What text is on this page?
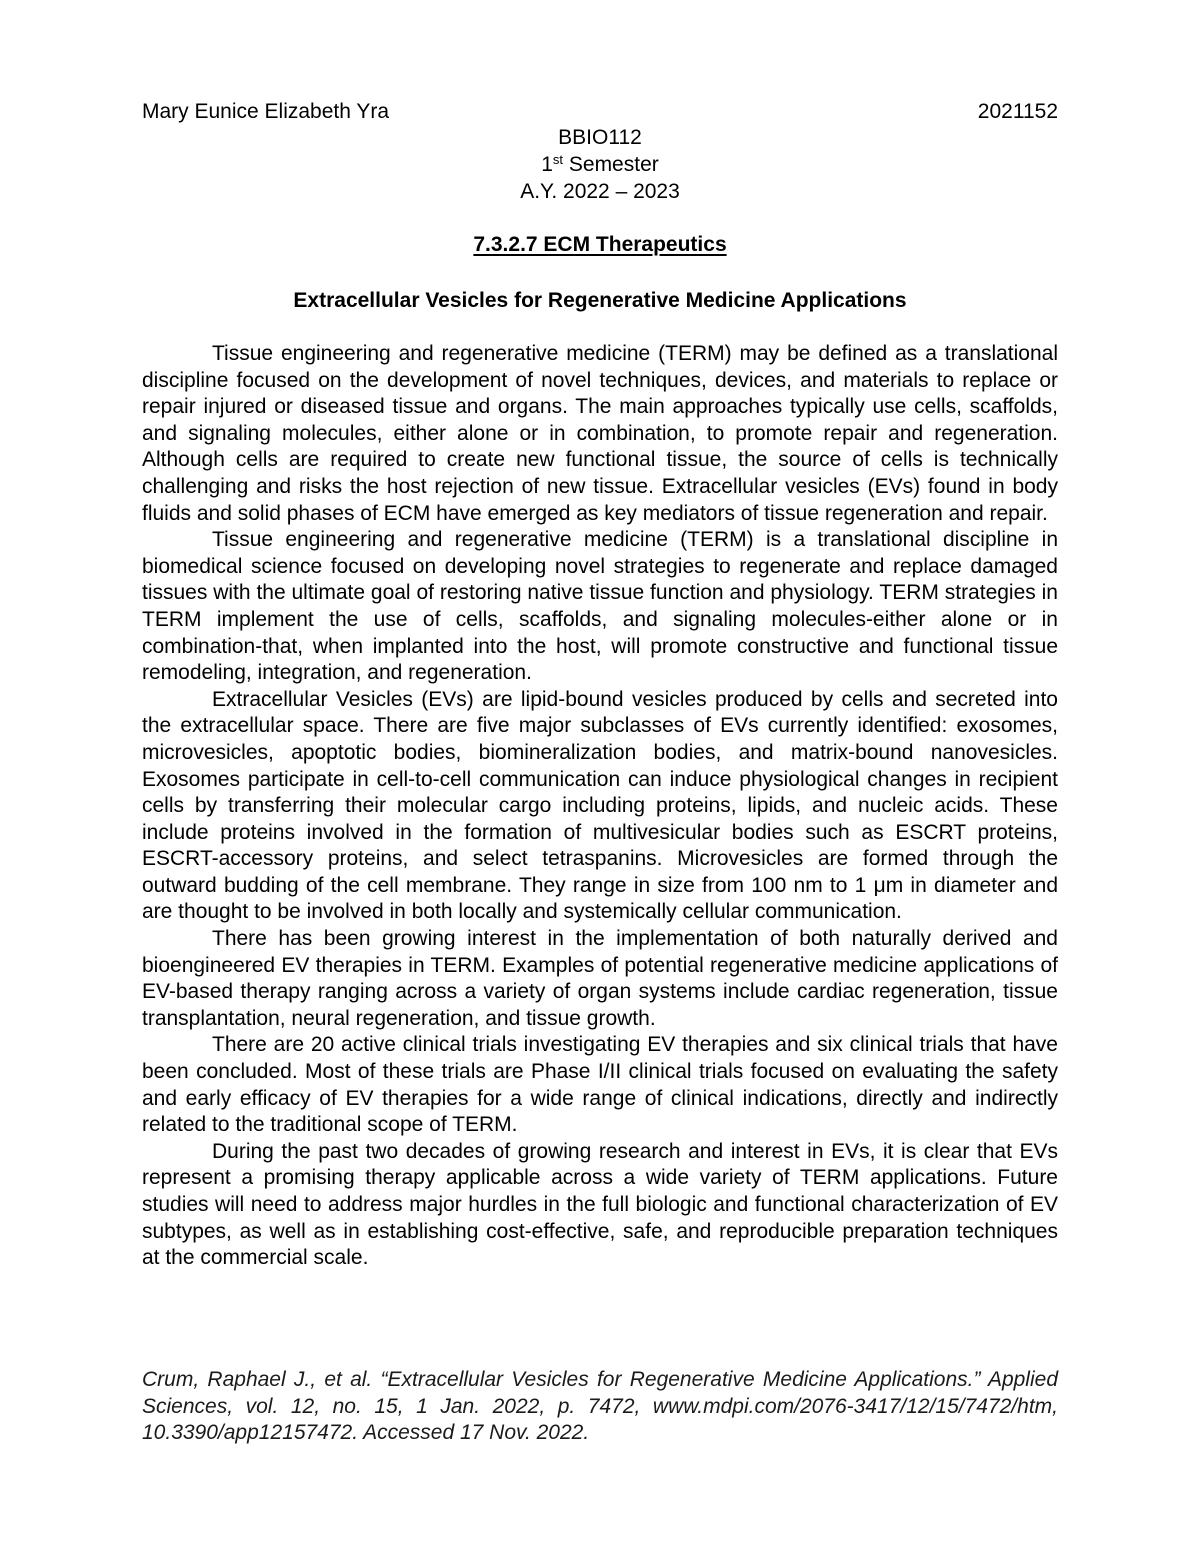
Mary Eunice Elizabeth Yra	2021152
BBIO112
1st Semester
A.Y. 2022 – 2023
7.3.2.7 ECM Therapeutics
Extracellular Vesicles for Regenerative Medicine Applications

Tissue engineering and regenerative medicine (TERM) may be defined as a translational discipline focused on the development of novel techniques, devices, and materials to replace or repair injured or diseased tissue and organs. The main approaches typically use cells, scaffolds, and signaling molecules, either alone or in combination, to promote repair and regeneration. Although cells are required to create new functional tissue, the source of cells is technically challenging and risks the host rejection of new tissue. Extracellular vesicles (EVs) found in body fluids and solid phases of ECM have emerged as key mediators of tissue regeneration and repair.

Tissue engineering and regenerative medicine (TERM) is a translational discipline in biomedical science focused on developing novel strategies to regenerate and replace damaged tissues with the ultimate goal of restoring native tissue function and physiology. TERM strategies in TERM implement the use of cells, scaffolds, and signaling molecules-either alone or in combination-that, when implanted into the host, will promote constructive and functional tissue remodeling, integration, and regeneration.

Extracellular Vesicles (EVs) are lipid-bound vesicles produced by cells and secreted into the extracellular space. There are five major subclasses of EVs currently identified: exosomes, microvesicles, apoptotic bodies, biomineralization bodies, and matrix-bound nanovesicles. Exosomes participate in cell-to-cell communication can induce physiological changes in recipient cells by transferring their molecular cargo including proteins, lipids, and nucleic acids. These include proteins involved in the formation of multivesicular bodies such as ESCRT proteins, ESCRT-accessory proteins, and select tetraspanins. Microvesicles are formed through the outward budding of the cell membrane. They range in size from 100 nm to 1 μm in diameter and are thought to be involved in both locally and systemically cellular communication.

There has been growing interest in the implementation of both naturally derived and bioengineered EV therapies in TERM. Examples of potential regenerative medicine applications of EV-based therapy ranging across a variety of organ systems include cardiac regeneration, tissue transplantation, neural regeneration, and tissue growth.

There are 20 active clinical trials investigating EV therapies and six clinical trials that have been concluded. Most of these trials are Phase I/II clinical trials focused on evaluating the safety and early efficacy of EV therapies for a wide range of clinical indications, directly and indirectly related to the traditional scope of TERM.

During the past two decades of growing research and interest in EVs, it is clear that EVs represent a promising therapy applicable across a wide variety of TERM applications. Future studies will need to address major hurdles in the full biologic and functional characterization of EV subtypes, as well as in establishing cost-effective, safe, and reproducible preparation techniques at the commercial scale.

Crum, Raphael J., et al. “Extracellular Vesicles for Regenerative Medicine Applications.” Applied Sciences, vol. 12, no. 15, 1 Jan. 2022, p. 7472, www.mdpi.com/2076-3417/12/15/7472/htm, 10.3390/app12157472. Accessed 17 Nov. 2022.
